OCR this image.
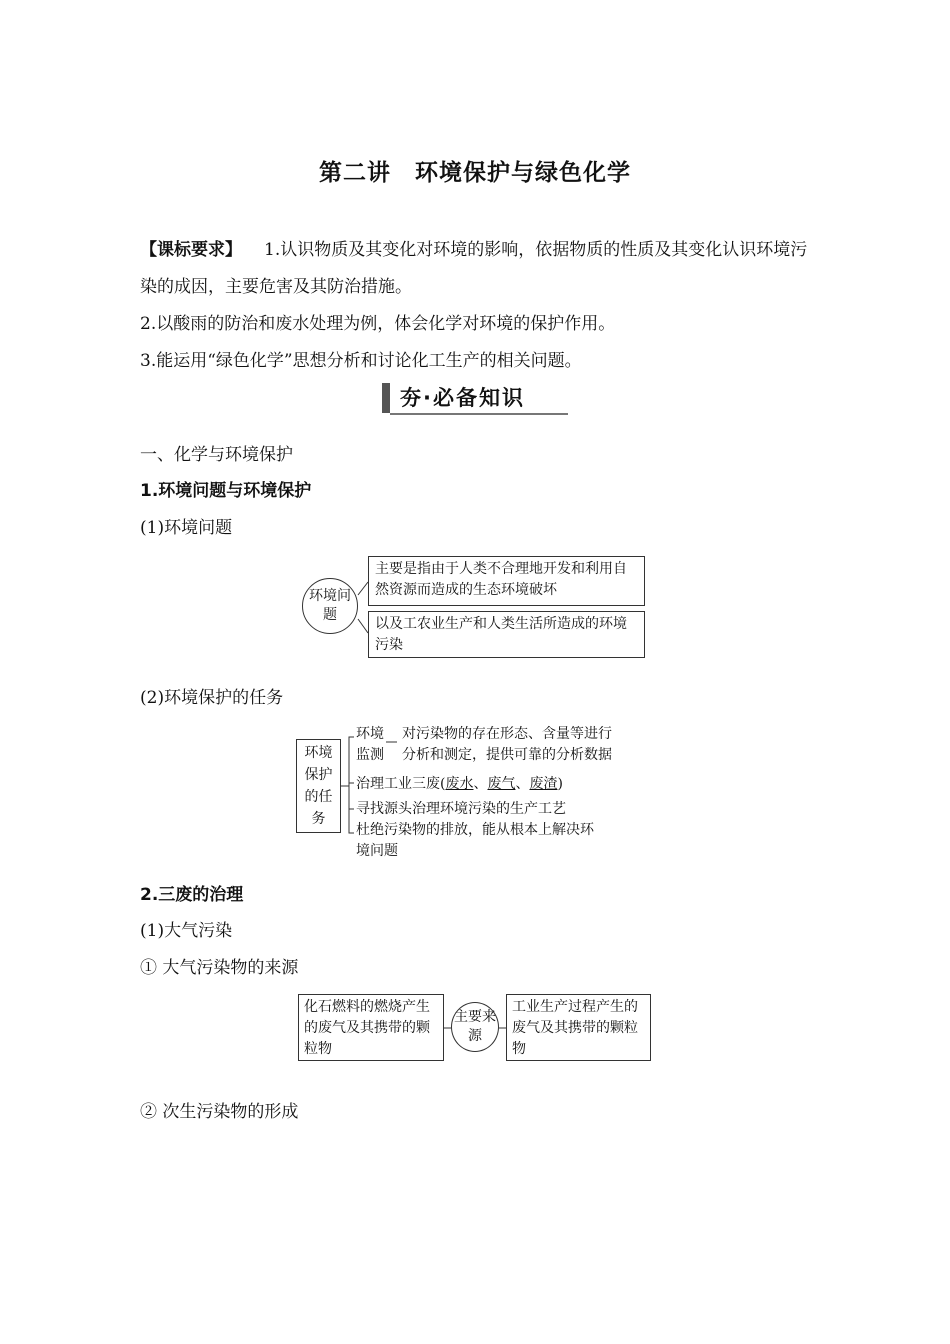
第二讲　环境保护与绿色化学
【课标要求】 1.认识物质及其变化对环境的影响，依据物质的性质及其变化认识环境污染的成因，主要危害及其防治措施。
2.以酸雨的防治和废水处理为例，体会化学对环境的保护作用。
3.能运用“绿色化学”思想分析和讨论化工生产的相关问题。
夯·必备知识
一、化学与环境保护
1.环境问题与环境保护
(1)环境问题
环境问题
主要是指由于人类不合理地开发和利用自然资源而造成的生态环境破坏
以及工农业生产和人类生活所造成的环境污染
(2)环境保护的任务
环境保护的任务
环境监测
对污染物的存在形态、含量等进行
分析和测定，提供可靠的分析数据
治理工业三废(废水、废气、废渣)
寻找源头治理环境污染的生产工艺
杜绝污染物的排放，能从根本上解决环
境问题
2.三废的治理
(1)大气污染
① 大气污染物的来源
化石燃料的燃烧产生的废气及其携带的颗粒物
主要来源
工业生产过程产生的废气及其携带的颗粒物
② 次生污染物的形成
